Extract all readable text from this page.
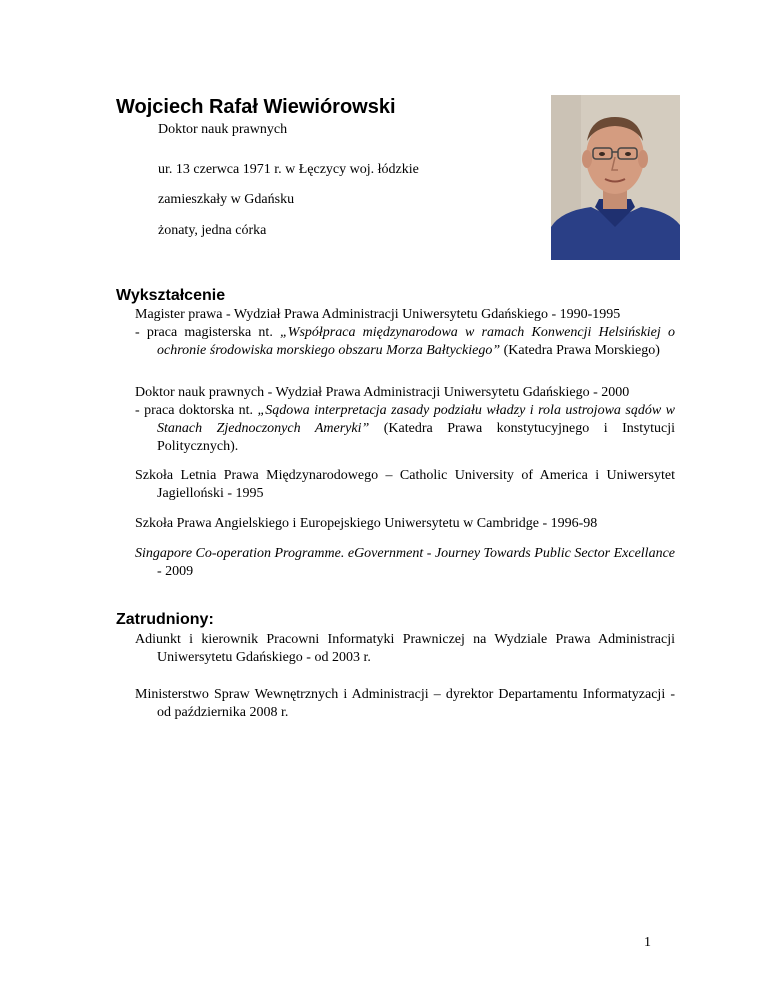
Wojciech Rafał Wiewiórowski
Doktor nauk prawnych
ur. 13 czerwca 1971 r. w Łęczycy woj. łódzkie
zamieszkały w Gdańsku
żonaty, jedna córka
Wykształcenie

Magister prawa - Wydział Prawa Administracji Uniwersytetu Gdańskiego - 1990-1995

- praca magisterska nt. „Współpraca międzynarodowa w ramach Konwencji Helsińskiej o ochronie środowiska morskiego obszaru Morza Bałtyckiego” (Katedra Prawa Morskiego)

Doktor nauk prawnych - Wydział Prawa Administracji Uniwersytetu Gdańskiego - 2000

- praca doktorska nt. „Sądowa interpretacja zasady podziału władzy i rola ustrojowa sądów w Stanach Zjednoczonych Ameryki” (Katedra Prawa konstytucyjnego i Instytucji Politycznych).

Szkoła Letnia Prawa Międzynarodowego – Catholic University of America i Uniwersytet Jagielloński - 1995
Szkoła Prawa Angielskiego i Europejskiego Uniwersytetu w Cambridge - 1996-98
Singapore Co-operation Programme. eGovernment - Journey Towards Public Sector Excellance - 2009
Zatrudniony:
Adiunkt i kierownik Pracowni Informatyki Prawniczej na Wydziale Prawa Administracji Uniwersytetu Gdańskiego - od 2003 r.
Ministerstwo Spraw Wewnętrznych i Administracji – dyrektor Departamentu Informatyzacji - od października 2008 r.
1
